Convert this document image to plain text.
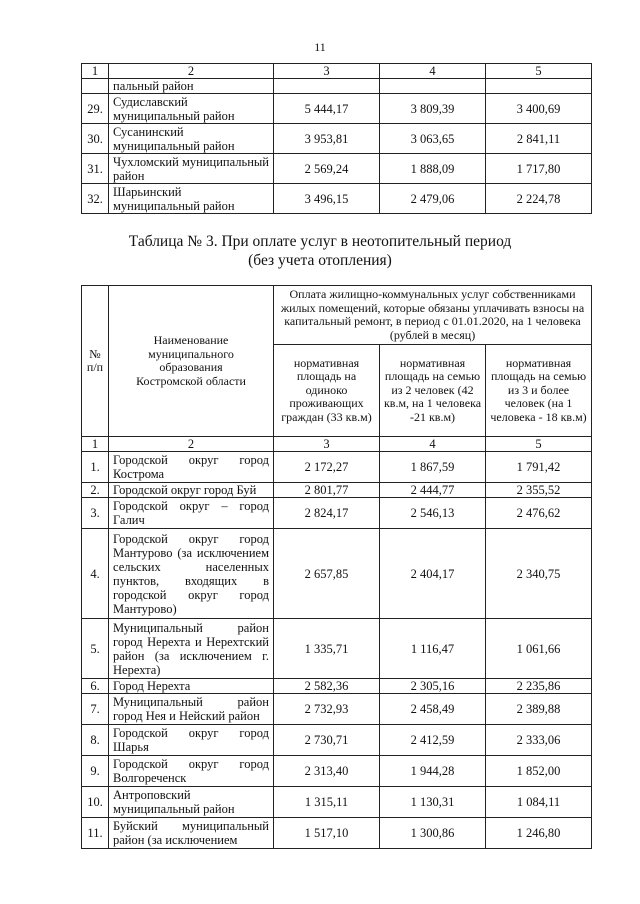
11
1	2	3	4	5
	пальный район			
29.	Судиславский муниципальный район	5 444,17	3 809,39	3 400,69
30.	Сусанинский муниципальный район	3 953,81	3 063,65	2 841,11
31.	Чухломский муниципальный район	2 569,24	1 888,09	1 717,80
32.	Шарьинский муниципальный район	3 496,15	2 479,06	2 224,78
Таблица № 3. При оплате услуг в неотопительный период
(без учета отопления)
№ п/п	Наименование муниципального образования Костромской области	Оплата жилищно-коммунальных услуг собственниками жилых помещений, которые обязаны уплачивать взносы на капитальный ремонт, в период с 01.01.2020, на 1 человека (рублей в месяц)		
		нормативная площадь на одиноко проживающих граждан (33 кв.м)	нормативная площадь на семью из 2 человек (42 кв.м, на 1 человека -21 кв.м)	нормативная площадь на семью из 3 и более человек (на 1 человека - 18 кв.м)
1	2	3	4	5
1.	Городской округ город Кострома	2 172,27	1 867,59	1 791,42
2.	Городской округ город Буй	2 801,77	2 444,77	2 355,52
3.	Городской округ – город Галич	2 824,17	2 546,13	2 476,62
4.	Городской округ город Мантурово (за исключением сельских населенных пунктов, входящих в городской округ город Мантурово)	2 657,85	2 404,17	2 340,75
5.	Муниципальный район город Нерехта и Нерехтский район (за исключением г. Нерехта)	1 335,71	1 116,47	1 061,66
6.	Город Нерехта	2 582,36	2 305,16	2 235,86
7.	Муниципальный район город Нея и Нейский район	2 732,93	2 458,49	2 389,88
8.	Городской округ город Шарья	2 730,71	2 412,59	2 333,06
9.	Городской округ город Волгореченск	2 313,40	1 944,28	1 852,00
10.	Антроповский муниципальный район	1 315,11	1 130,31	1 084,11
11.	Буйский муниципальный район (за исключением	1 517,10	1 300,86	1 246,80
